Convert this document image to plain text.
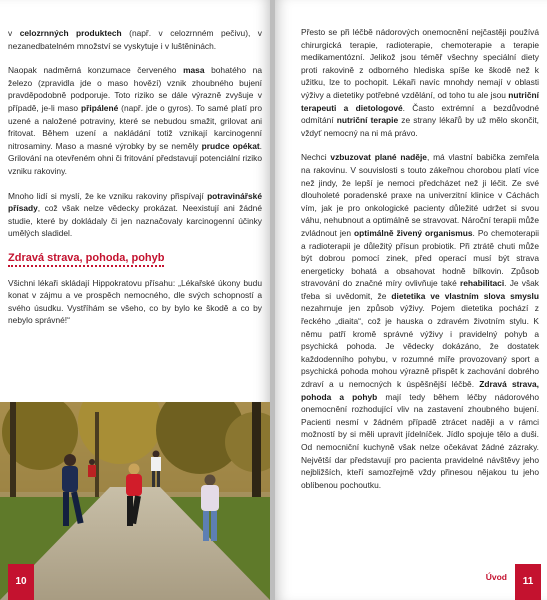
v celozrnných produktech (např. v celozrnném pečivu), v nezanedbatelném množství se vyskytuje i v luštěninách.

Naopak nadměrná konzumace červeného masa bohatého na železo (zpravidla jde o maso hovězí) vznik zhoubného bujení pravděpodobně podporuje. Toto riziko se dále výrazně zvyšuje v případě, je-li maso připálené (např. jde o gyros). To samé platí pro uzené a naložené potraviny, které se nebudou smažit, grilovat ani fritovat. Během uzení a nakládání totiž vznikají karcinogenní nitrosaminy. Maso a masné výrobky by se neměly prudce opékat. Grilování na otevřeném ohni či fritování představují potenciální riziko vzniku rakoviny.

Mnoho lidí si myslí, že ke vzniku rakoviny přispívají potravinářské přísady, což však nelze vědecky prokázat. Neexistují ani žádné studie, které by dokládaly či jen naznačovaly karcinogenní účinky umělých sladidel.

Zdravá strava, pohoda, pohyb

Všichni lékaři skládají Hippokratovu přísahu: „Lékařské úkony budu konat v zájmu a ve prospěch nemocného, dle svých schopností a svého úsudku. Vystříhám se všeho, co by bylo ke škodě a co by nebylo správné!“

10

Přesto se při léčbě nádorových onemocnění nejčastěji používá chirurgická terapie, radioterapie, chemoterapie a terapie medikamentózní. Jelikož jsou téměř všechny speciální diety proti rakovině z odborného hlediska spíše ke škodě než k užitku, lze to pochopit. Lékaři navíc mnohdy nemají v oblasti výživy a dietetiky potřebné vzdělání, od toho tu ale jsou nutriční terapeuti a dietologové. Často extrémní a bezdůvodné odmítání nutriční terapie ze strany lékařů by už mělo skončit, vždyť nemocný na ni má právo.

Nechci vzbuzovat plané naděje, má vlastní babička zemřela na rakovinu. V souvislosti s touto zákeřnou chorobou platí více než jindy, že lepší je nemoci předcházet než ji léčit. Ze své dlouholeté poradenské praxe na univerzitní klinice v Cáchách vím, jak je pro onkologické pacienty důležité udržet si svou váhu, nehubnout a optimálně se stravovat. Nároční terapii může zvládnout jen optimálně živený organismus. Po chemoterapii a radioterapii je důležitý přísun probiotik. Při ztrátě chuti může být dobrou pomocí zinek, před operací musí být strava energeticky bohatá a obsahovat hodně bílkovin. Způsob stravování do značné míry ovlivňuje také rehabilitaci. Je však třeba si uvědomit, že dietetika ve vlastním slova smyslu nezahrnuje jen způsob výživy. Pojem dietetika pochází z řeckého „diaita“, což je hauska o zdravém životním stylu. K němu patří kromě správné výživy i pravidelný pohyb a psychická pohoda. Je vědecky dokázáno, že dostatek každodenního pohybu, v rozumné míře provozovaný sport a psychická pohoda mohou výrazně přispět k zachování dobrého zdraví a u nemocných k úspěšnější léčbě. Zdravá strava, pohoda a pohyb mají tedy během léčby nádorového onemocnění rozhodující vliv na zastavení zhoubného bujení. Pacienti nesmí v žádném případě ztrácet naději a v rámci možností by si měli upravit jídelníček. Jídlo spojuje tělo a duši. Od nemocniční kuchyně však nelze očekávat žádné zázraky. Největší dar představují pro pacienta pravidelné návštěvy jeho nejbližších, kteří samozřejmě vždy přinesou nějakou tu jeho oblíbenou pochoutku.

Úvod	11
